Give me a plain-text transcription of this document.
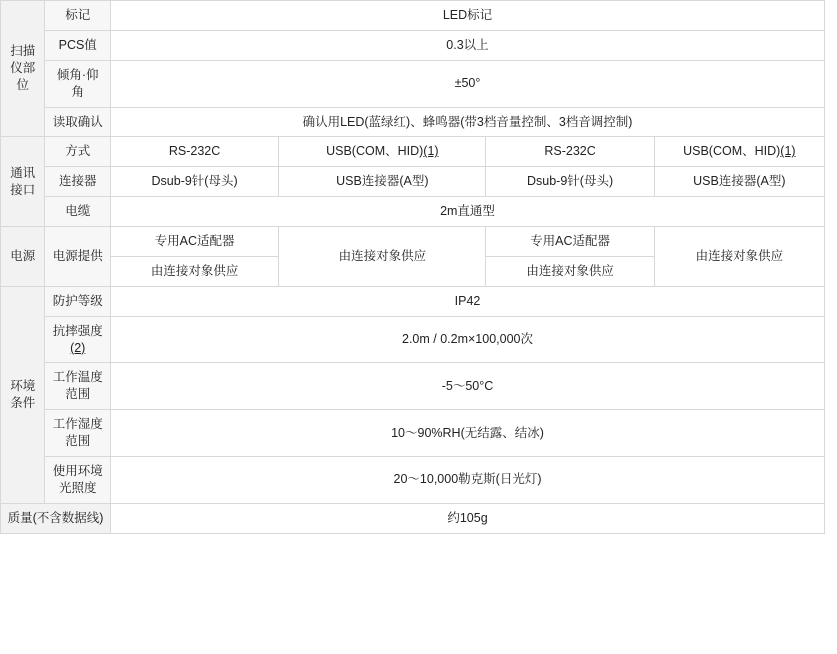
扫描仪部位	标记	LED标记			
	PCS值	0.3以上			
	倾角·仰角	±50°			
	读取确认	确认用LED(蓝绿红)、蜂鸣器(带3档音量控制、3档音调控制)			
通讯接口	方式	RS-232C	USB(COM、HID)(1)	RS-232C	USB(COM、HID)(1)
	连接器	Dsub-9针(母头)	USB连接器(A型)	Dsub-9针(母头)	USB连接器(A型)
	电缆	2m直通型			
电源	电源提供	专用AC适配器	由连接对象供应	专用AC适配器	由连接对象供应
		由连接对象供应		由连接对象供应	
环境条件	防护等级	IP42			
	抗摔强度(2)	2.0m / 0.2m×100,000次			
	工作温度范围	-5～50°C			
	工作湿度范围	10～90%RH(无结露、结冰)			
	使用环境光照度	20～10,000勒克斯(日光灯)			
质量(不含数据线)		约105g			
